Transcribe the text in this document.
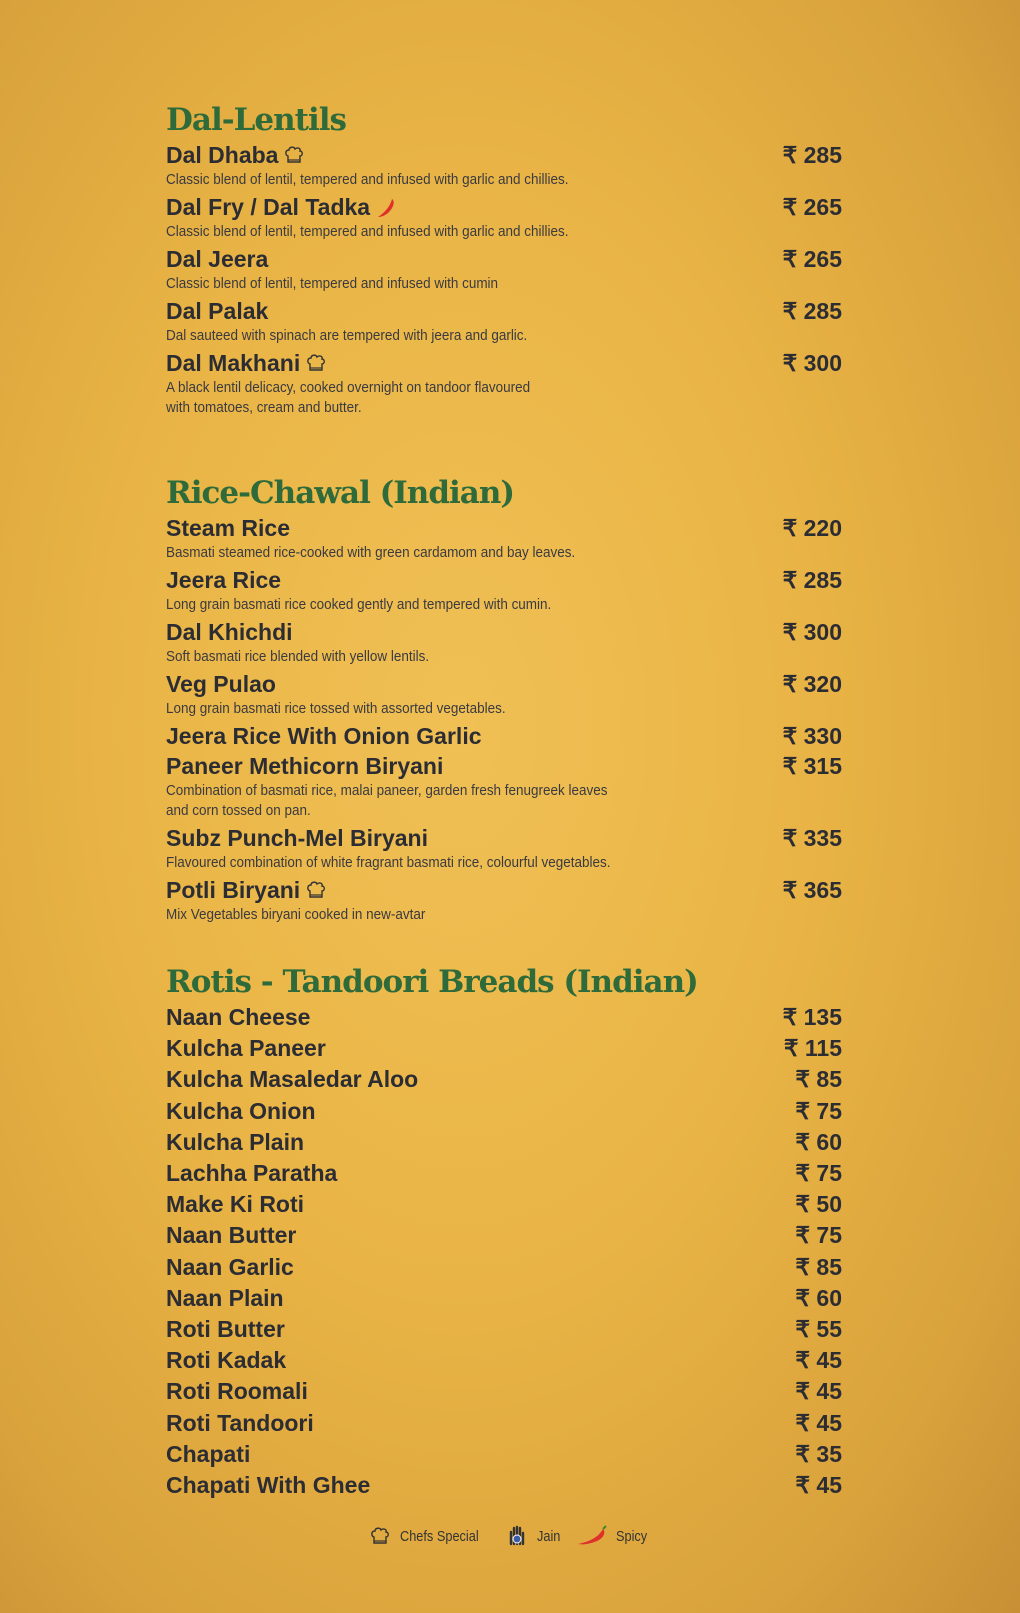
Dal-Lentils
Dal Dhaba	₹ 285
Classic blend of lentil, tempered and infused with garlic and chillies.
Dal Fry / Dal Tadka	₹ 265
Classic blend of lentil, tempered and infused with garlic and chillies.
Dal Jeera	₹ 265
Classic blend of lentil, tempered and infused with cumin
Dal Palak	₹ 285
Dal sauteed with spinach are tempered with jeera and garlic.
Dal Makhani	₹ 300
A black lentil delicacy, cooked overnight on tandoor flavoured
with tomatoes, cream and butter.
Rice-Chawal (Indian)
Steam Rice	₹ 220
Basmati steamed rice-cooked with green cardamom and bay leaves.
Jeera Rice	₹ 285
Long grain basmati rice cooked gently and tempered with cumin.
Dal Khichdi	₹ 300
Soft basmati rice blended with yellow lentils.
Veg Pulao	₹ 320
Long grain basmati rice tossed with assorted vegetables.
Jeera Rice With Onion Garlic	₹ 330
Paneer Methicorn Biryani	₹ 315
Combination of basmati rice, malai paneer, garden fresh fenugreek leaves
and corn tossed on pan.
Subz Punch-Mel Biryani	₹ 335
Flavoured combination of white fragrant basmati rice, colourful vegetables.
Potli Biryani	₹ 365
Mix Vegetables biryani cooked in new-avtar
Rotis - Tandoori Breads (Indian)
Naan Cheese	₹ 135
Kulcha Paneer	₹ 115
Kulcha Masaledar Aloo	₹ 85
Kulcha Onion	₹ 75
Kulcha Plain	₹ 60
Lachha Paratha	₹ 75
Make Ki Roti	₹ 50
Naan Butter	₹ 75
Naan Garlic	₹ 85
Naan Plain	₹ 60
Roti Butter	₹ 55
Roti Kadak	₹ 45
Roti Roomali	₹ 45
Roti Tandoori	₹ 45
Chapati	₹ 35
Chapati With Ghee	₹ 45
Chefs Special	Jain	Spicy
